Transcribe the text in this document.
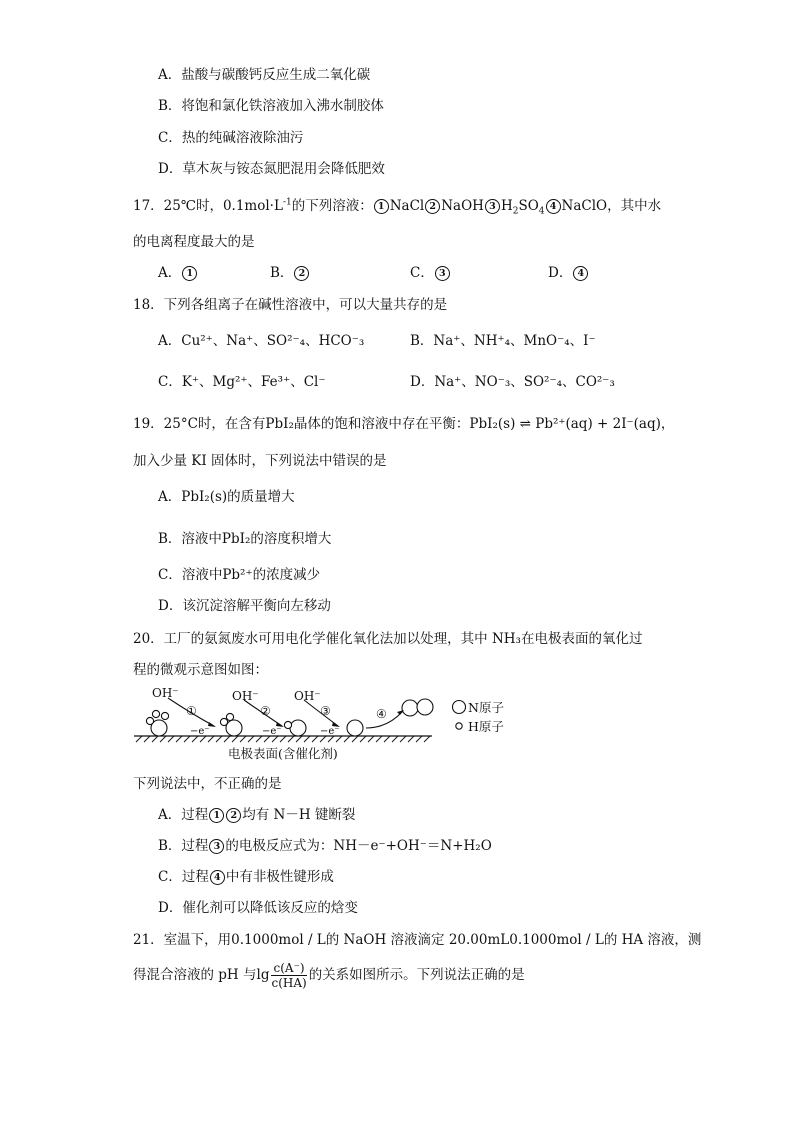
A．盐酸与碳酸钙反应生成二氧化碳
B．将饱和氯化铁溶液加入沸水制胶体
C．热的纯碱溶液除油污
D．草木灰与铵态氮肥混用会降低肥效
17．25℃时，$0.1mol\cdot L^{-1}$的下列溶液： 1 NaCl 2 NaOH 3 $H_2SO_4$ 4 NaClO，其中水
的电离程度最大的是
A． 1	B． 2	C． 3	D． 4
18．下列各组离子在碱性溶液中，可以大量共存的是
A．Cu²⁺、Na⁺、SO²⁻₄、HCO⁻₃	B．Na⁺、NH⁺₄、MnO⁻₄、I⁻
C．K⁺、Mg²⁺、Fe³⁺、Cl⁻	D．Na⁺、NO⁻₃、SO²⁻₄、CO²⁻₃
19．25°C时，在含有PbI₂晶体的饱和溶液中存在平衡：PbI₂(s) ⇌ Pb²⁺(aq) + 2I⁻(aq)，
加入少量 KI 固体时，下列说法中错误的是
A．PbI₂(s)的质量增大
B．溶液中PbI₂的溶度积增大
C．溶液中Pb²⁺的浓度减少
D．该沉淀溶解平衡向左移动
20．工厂的氨氮废水可用电化学催化氧化法加以处理，其中 NH₃在电极表面的氧化过
程的微观示意图如图：
OH⁻	OH⁻	OH⁻
①	②	③	④
−e⁻	−e⁻	−e⁻
N原子
H原子
电极表面(含催化剂)
下列说法中，不正确的是
A．过程 1 2 均有 N－H 键断裂
B．过程 3 的电极反应式为：NH－e⁻+OH⁻＝N+H₂O
C．过程 4 中有非极性键形成
D．催化剂可以降低该反应的焓变
21．室温下，用0.1000mol / L的 NaOH 溶液滴定 20.00mL0.1000mol / L的 HA 溶液，测
得混合溶液的 pH 与$\lg \frac{c(A^-)}{c(HA)}$ 的关系如图所示。下列说法正确的是
